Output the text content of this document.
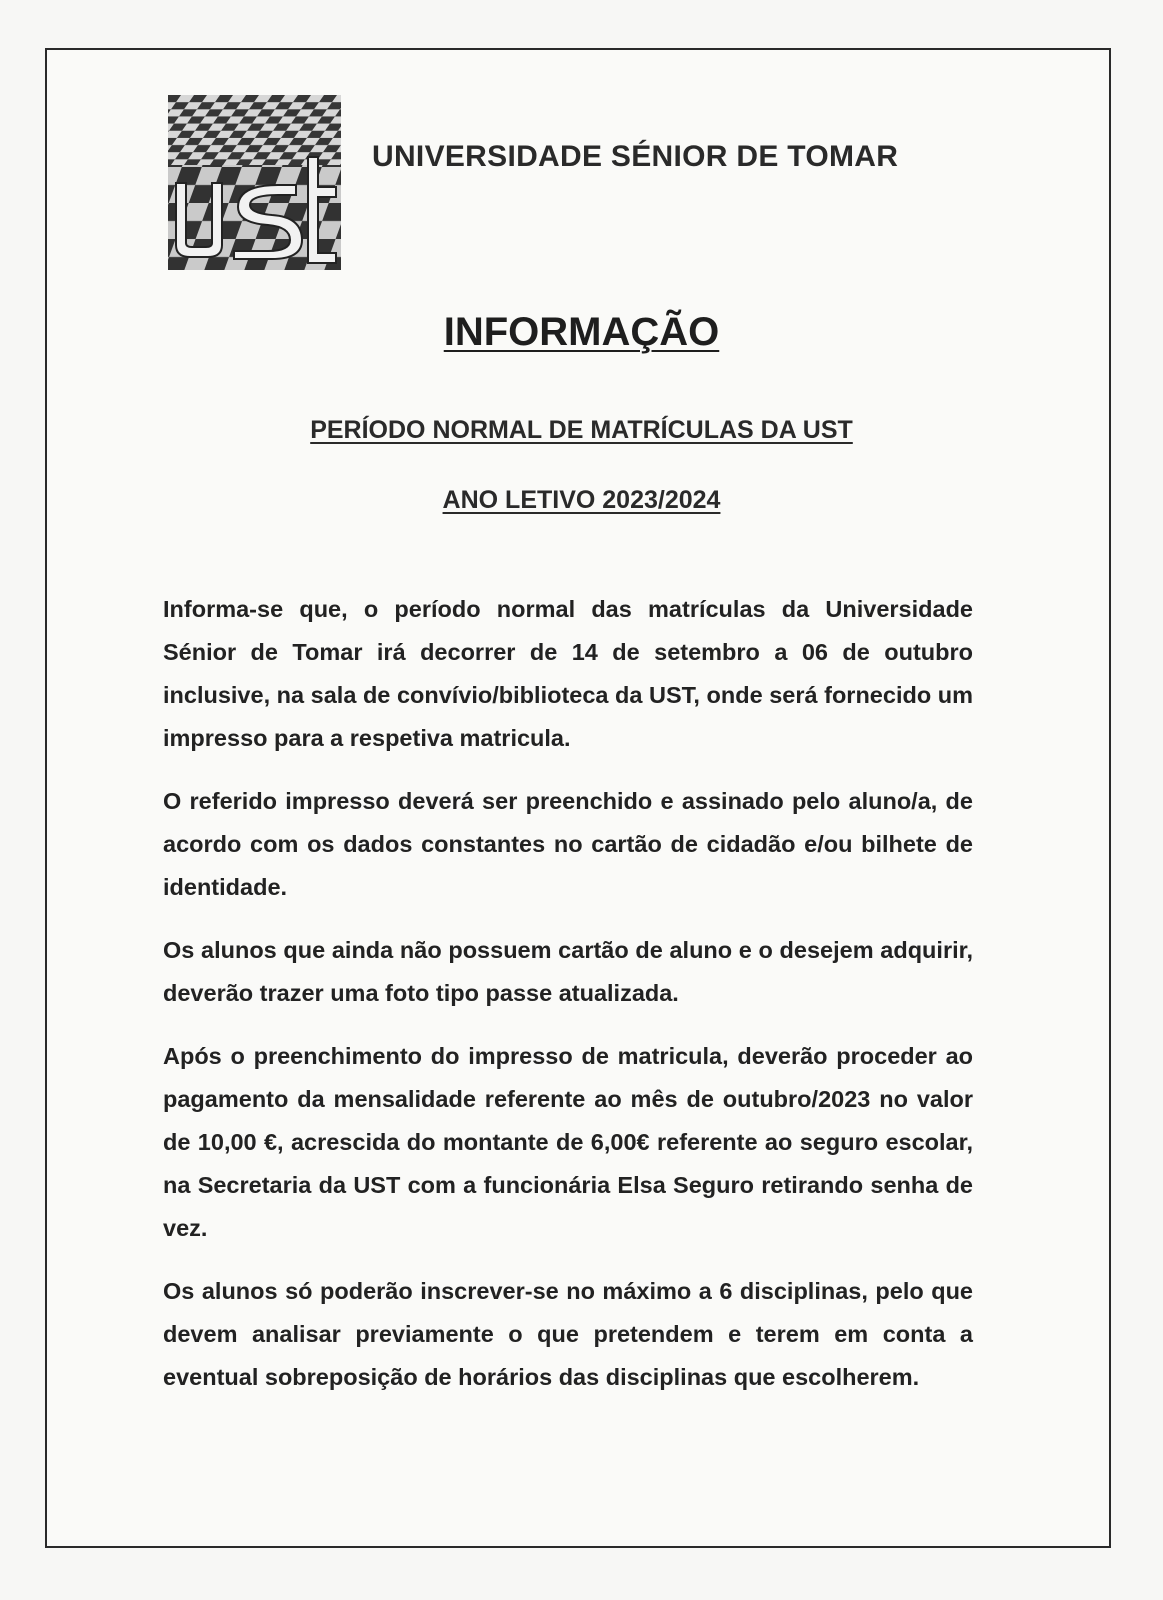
UNIVERSIDADE SÉNIOR DE TOMAR
INFORMAÇÃO
PERÍODO NORMAL DE MATRÍCULAS DA UST
ANO LETIVO 2023/2024

Informa-se que, o período normal das matrículas da Universidade Sénior de Tomar irá decorrer de 14 de setembro a 06 de outubro inclusive, na sala de convívio/biblioteca da UST, onde será fornecido um impresso para a respetiva matricula.

O referido impresso deverá ser preenchido e assinado pelo aluno/a, de acordo com os dados constantes no cartão de cidadão e/ou bilhete de identidade.

Os alunos que ainda não possuem cartão de aluno e o desejem adquirir, deverão trazer uma foto tipo passe atualizada.

Após o preenchimento do impresso de matricula, deverão proceder ao pagamento da mensalidade referente ao mês de outubro/2023 no valor de 10,00 €, acrescida do montante de 6,00€ referente ao seguro escolar, na Secretaria da UST com a funcionária Elsa Seguro retirando senha de vez.

Os alunos só poderão inscrever-se no máximo a 6 disciplinas, pelo que devem analisar previamente o que pretendem e terem em conta a eventual sobreposição de horários das disciplinas que escolherem.
